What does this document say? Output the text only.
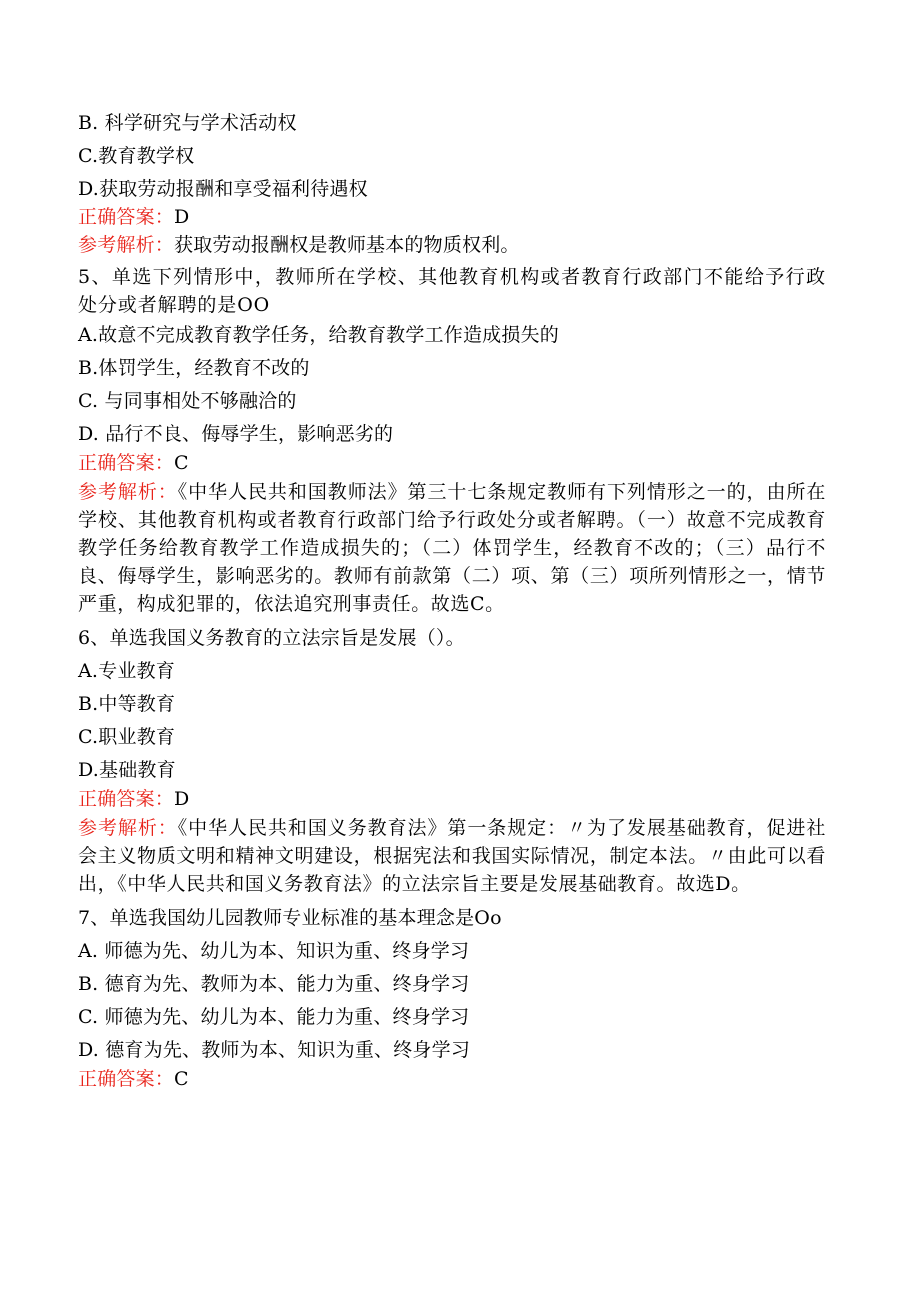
B. 科学研究与学术活动权
C.教育教学权
D.获取劳动报酬和享受福利待遇权
正确答案：D
参考解析：获取劳动报酬权是教师基本的物质权利。
5、单选下列情形中，教师所在学校、其他教育机构或者教育行政部门不能给予行政处分或者解聘的是OO
A.故意不完成教育教学任务，给教育教学工作造成损失的
B.体罚学生，经教育不改的
C. 与同事相处不够融洽的
D. 品行不良、侮辱学生，影响恶劣的
正确答案：C
参考解析：《中华人民共和国教师法》第三十七条规定教师有下列情形之一的，由所在学校、其他教育机构或者教育行政部门给予行政处分或者解聘。（一）故意不完成教育教学任务给教育教学工作造成损失的；（二）体罚学生，经教育不改的；（三）品行不良、侮辱学生，影响恶劣的。教师有前款第（二）项、第（三）项所列情形之一，情节严重，构成犯罪的，依法追究刑事责任。故选C。
6、单选我国义务教育的立法宗旨是发展（）。
A.专业教育
B.中等教育
C.职业教育
D.基础教育
正确答案：D
参考解析：《中华人民共和国义务教育法》第一条规定：〃为了发展基础教育，促进社会主义物质文明和精神文明建设，根据宪法和我国实际情况，制定本法。〃由此可以看出，《中华人民共和国义务教育法》的立法宗旨主要是发展基础教育。故选D。
7、单选我国幼儿园教师专业标准的基本理念是Oo
A. 师德为先、幼儿为本、知识为重、终身学习
B. 德育为先、教师为本、能力为重、终身学习
C. 师德为先、幼儿为本、能力为重、终身学习
D. 德育为先、教师为本、知识为重、终身学习
正确答案：C
